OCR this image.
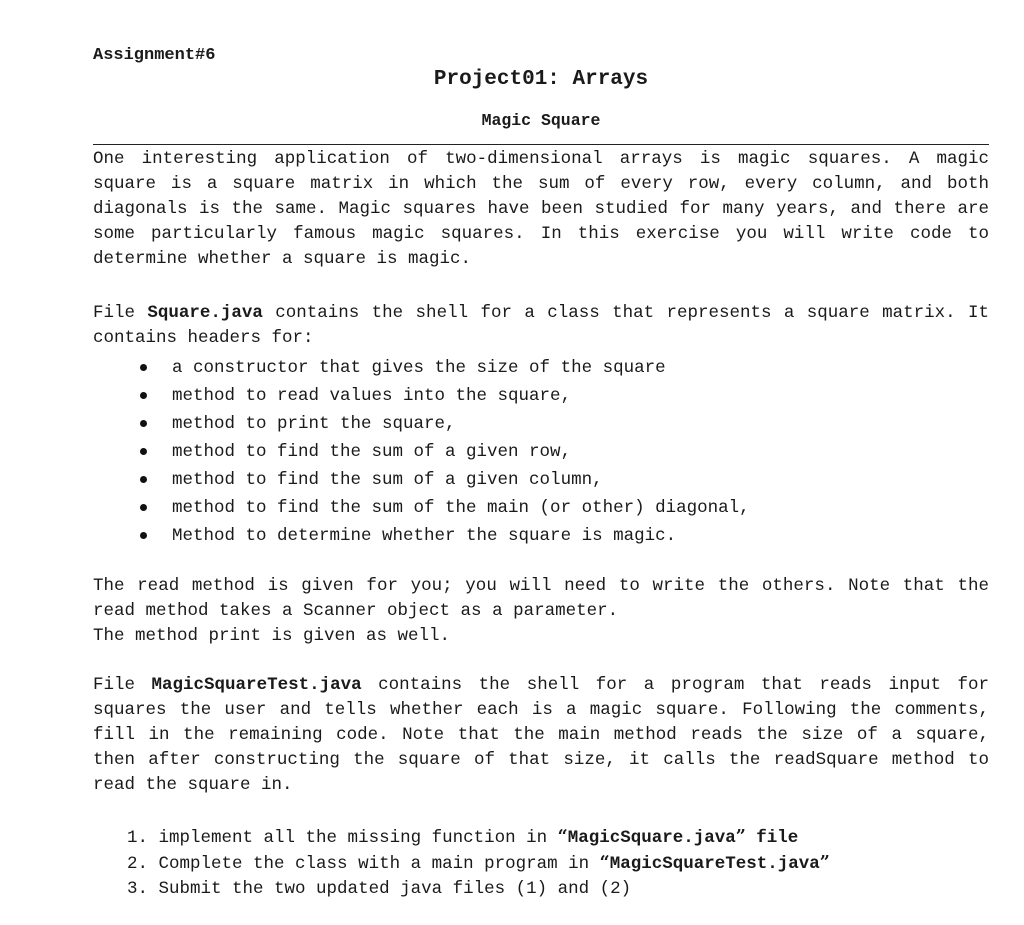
Assignment#6
Project01: Arrays
Magic Square

One interesting application of two-dimensional arrays is magic squares. A magic square is a square matrix in which the sum of every row, every column, and both diagonals is the same. Magic squares have been studied for many years, and there are some particularly famous magic squares. In this exercise you will write code to determine whether a square is magic.

File Square.java contains the shell for a class that represents a square matrix. It contains headers for:

a constructor that gives the size of the square
method to read values into the square,
method to print the square,
method to find the sum of a given row,
method to find the sum of a given column,
method to find the sum of the main (or other) diagonal,
Method to determine whether the square is magic.

The read method is given for you; you will need to write the others. Note that the read method takes a Scanner object as a parameter.
The method print is given as well.

File MagicSquareTest.java contains the shell for a program that reads input for squares the user and tells whether each is a magic square. Following the comments, fill in the remaining code. Note that the main method reads the size of a square, then after constructing the square of that size, it calls the readSquare method to read the square in.

1. implement all the missing function in “MagicSquare.java” file
2. Complete the class with a main program in “MagicSquareTest.java”
3. Submit the two updated java files (1) and (2)
